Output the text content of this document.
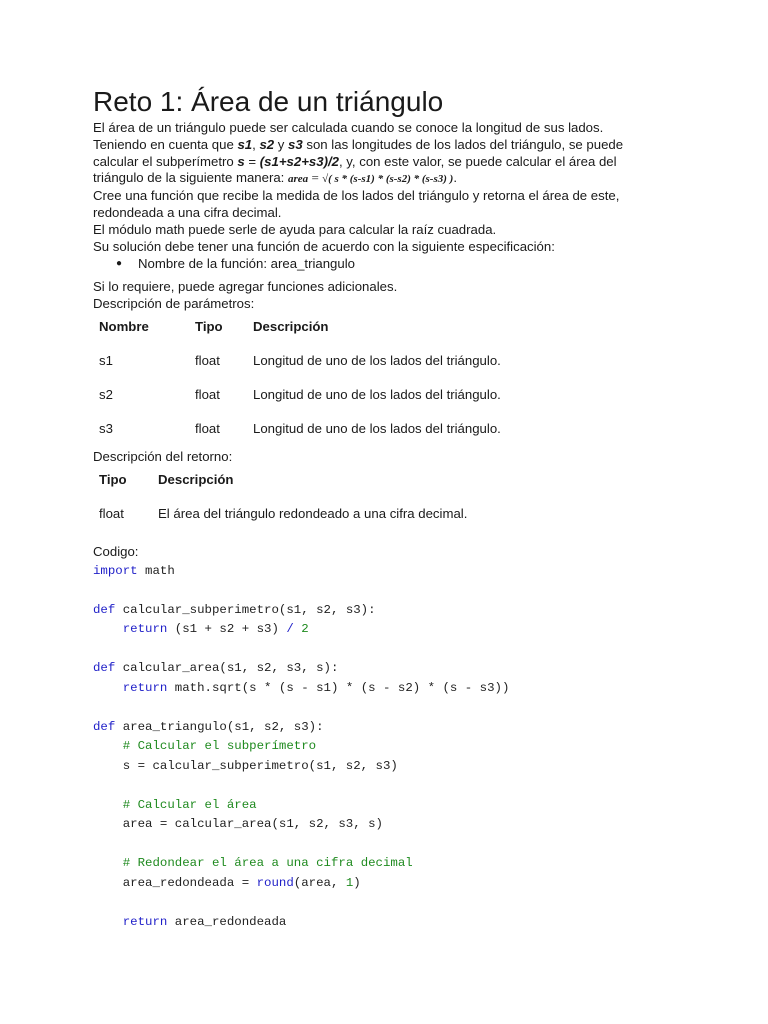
Reto 1: Área de un triángulo

El área de un triángulo puede ser calculada cuando se conoce la longitud de sus lados.
Teniendo en cuenta que s1, s2 y s3 son las longitudes de los lados del triángulo, se puede calcular el subperímetro s = (s1+s2+s3)/2, y, con este valor, se puede calcular el área del triángulo de la siguiente manera: area = √( s * (s-s1) * (s-s2) * (s-s3) ).
Cree una función que recibe la medida de los lados del triángulo y retorna el área de este, redondeada a una cifra decimal.
El módulo math puede serle de ayuda para calcular la raíz cuadrada.
Su solución debe tener una función de acuerdo con la siguiente especificación:

● Nombre de la función: area_triangulo

Si lo requiere, puede agregar funciones adicionales.

Descripción de parámetros:

Nombre	Tipo	Descripción
s1	float	Longitud de uno de los lados del triángulo.
s2	float	Longitud de uno de los lados del triángulo.
s3	float	Longitud de uno de los lados del triángulo.

Descripción del retorno:

Tipo	Descripción
float	El área del triángulo redondeado a una cifra decimal.

Codigo:

import math

def calcular_subperimetro(s1, s2, s3):
return (s1 + s2 + s3) / 2

def calcular_area(s1, s2, s3, s):
return math.sqrt(s * (s - s1) * (s - s2) * (s - s3))

def area_triangulo(s1, s2, s3):
# Calcular el subperímetro
s = calcular_subperimetro(s1, s2, s3)

# Calcular el área
area = calcular_area(s1, s2, s3, s)

# Redondear el área a una cifra decimal
area_redondeada = round(area, 1)

return area_redondeada
